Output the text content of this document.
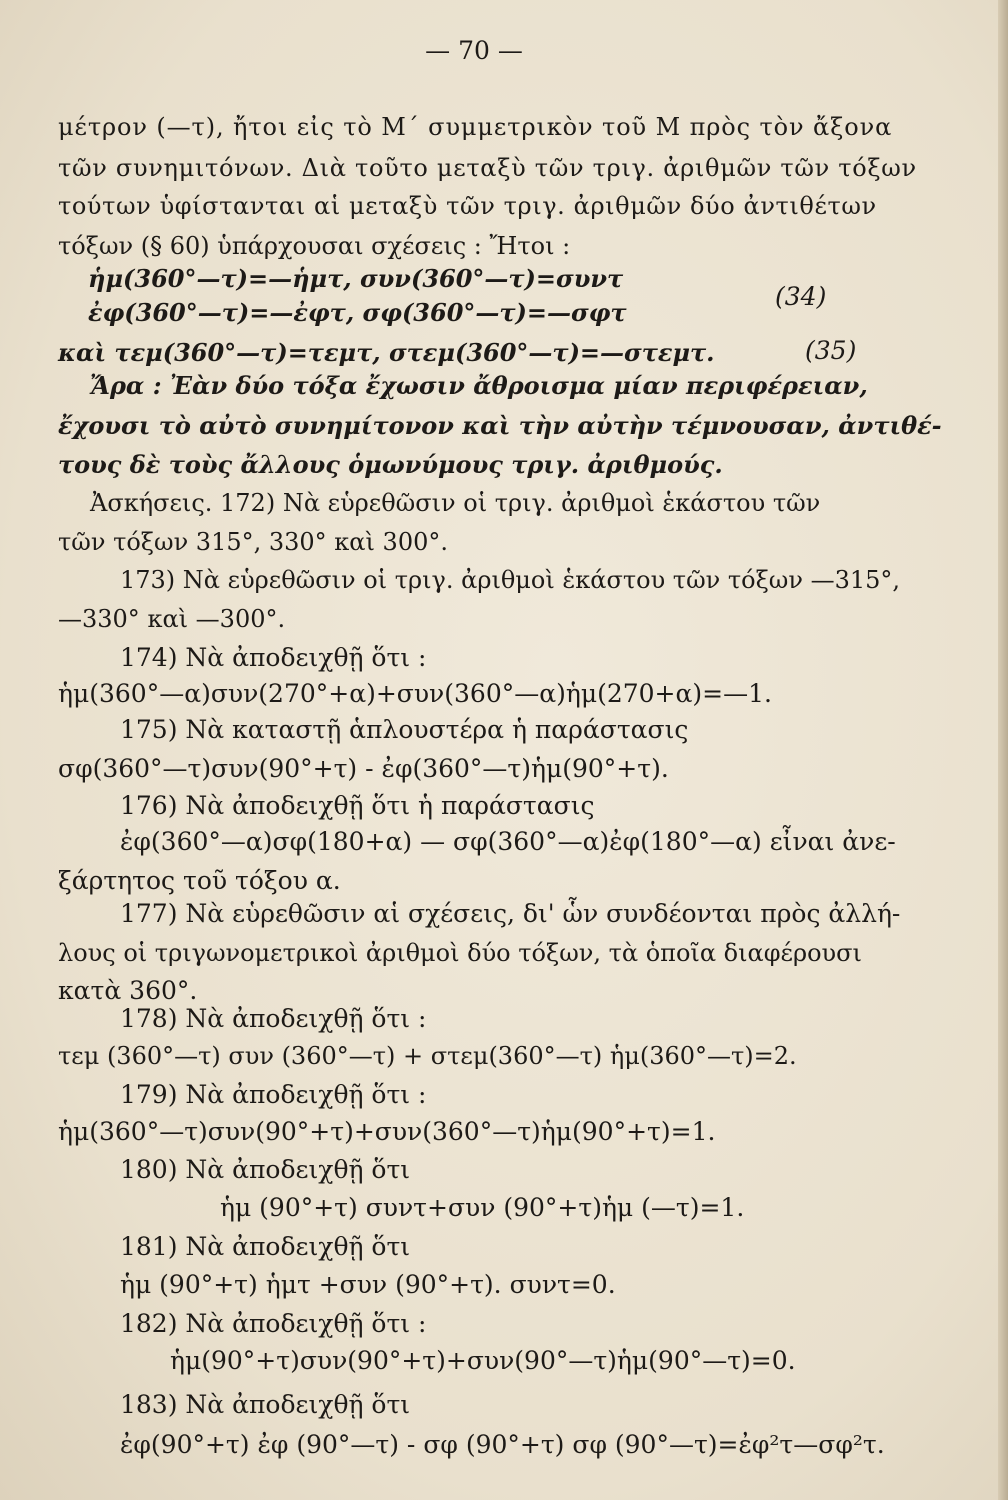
— 70 —
μέτρον (—τ), ἤτοι εἰς τὸ Μ΄ συμμετρικὸν τοῦ Μ πρὸς τὸν ἄξονα
τῶν συνημιτόνων. Διὰ τοῦτο μεταξὺ τῶν τριγ. ἀριθμῶν τῶν τόξων
τούτων ὑφίστανται αἱ μεταξὺ τῶν τριγ. ἀριθμῶν δύο ἀντιθέτων
τόξων (§ 60) ὑπάρχουσαι σχέσεις : Ἤτοι :
ἡμ(360°—τ)=—ἡμτ, συν(360°—τ)=συντ
ἐφ(360°—τ)=—ἐφτ, σφ(360°—τ)=—σφτ
(34)
καὶ τεμ(360°—τ)=τεμτ, στεμ(360°—τ)=—στεμτ.	(35)
Ἄρα : Ἐὰν δύο τόξα ἔχωσιν ἄθροισμα μίαν περιφέρειαν,
ἔχουσι τὸ αὐτὸ συνημίτονον καὶ τὴν αὐτὴν τέμνουσαν, ἀντιθέ-
τους δὲ τοὺς ἄλλους ὁμωνύμους τριγ. ἀριθμούς.
Ἀσκήσεις. 172) Νὰ εὑρεθῶσιν οἱ τριγ. ἀριθμοὶ ἑκάστου τῶν
τῶν τόξων 315°, 330° καὶ 300°.
173) Νὰ εὑρεθῶσιν οἱ τριγ. ἀριθμοὶ ἑκάστου τῶν τόξων —315°,
—330° καὶ —300°.
174) Νὰ ἀποδειχθῇ ὅτι :
ἡμ(360°—α)συν(270°+α)+συν(360°—α)ἡμ(270+α)=—1.
175) Νὰ καταστῇ ἁπλουστέρα ἡ παράστασις
σφ(360°—τ)συν(90°+τ) - ἐφ(360°—τ)ἡμ(90°+τ).
176) Νὰ ἀποδειχθῇ ὅτι ἡ παράστασις
ἐφ(360°—α)σφ(180+α) — σφ(360°—α)ἐφ(180°—α) εἶναι ἀνε-
ξάρτητος τοῦ τόξου α.
177) Νὰ εὑρεθῶσιν αἱ σχέσεις, δι' ὧν συνδέονται πρὸς ἀλλή-
λους οἱ τριγωνομετρικοὶ ἀριθμοὶ δύο τόξων, τὰ ὁποῖα διαφέρουσι
κατὰ 360°.
178) Νὰ ἀποδειχθῇ ὅτι :
τεμ (360°—τ) συν (360°—τ) + στεμ(360°—τ) ἡμ(360°—τ)=2.
179) Νὰ ἀποδειχθῇ ὅτι :
ἡμ(360°—τ)συν(90°+τ)+συν(360°—τ)ἡμ(90°+τ)=1.
180) Νὰ ἀποδειχθῇ ὅτι
ἡμ (90°+τ) συντ+συν (90°+τ)ἡμ (—τ)=1.
181) Νὰ ἀποδειχθῇ ὅτι
ἡμ (90°+τ) ἡμτ +συν (90°+τ). συντ=0.
182) Νὰ ἀποδειχθῇ ὅτι :
ἡμ(90°+τ)συν(90°+τ)+συν(90°—τ)ἡμ(90°—τ)=0.
183) Νὰ ἀποδειχθῇ ὅτι
ἐφ(90°+τ) ἐφ (90°—τ) - σφ (90°+τ) σφ (90°—τ)=ἐφ²τ—σφ²τ.
